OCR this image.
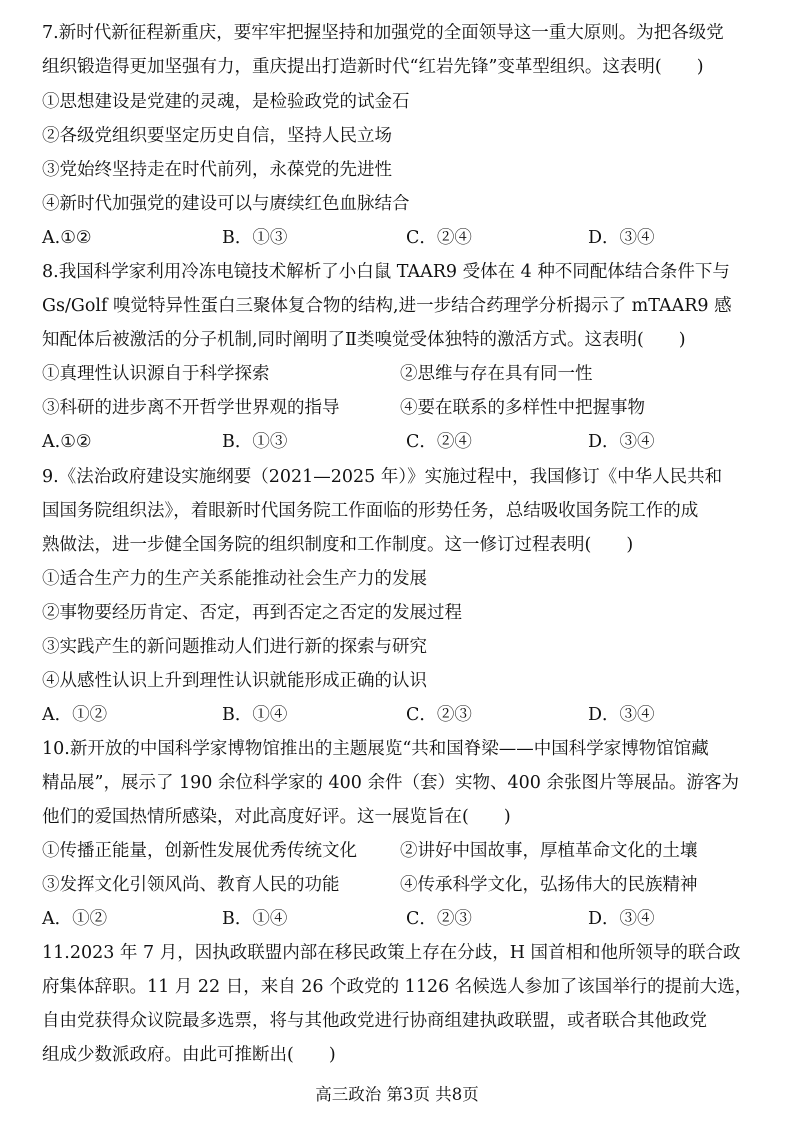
7.新时代新征程新重庆，要牢牢把握坚持和加强党的全面领导这一重大原则。为把各级党
组织锻造得更加坚强有力，重庆提出打造新时代“红岩先锋”变革型组织。这表明(　　)
①思想建设是党建的灵魂，是检验政党的试金石
②各级党组织要坚定历史自信，坚持人民立场
③党始终坚持走在时代前列，永葆党的先进性
④新时代加强党的建设可以与赓续红色血脉结合
A.①②	B．①③	C．②④	D．③④
8.我国科学家利用冷冻电镜技术解析了小白鼠 TAAR9 受体在 4 种不同配体结合条件下与
Gs/Golf 嗅觉特异性蛋白三聚体复合物的结构,进一步结合药理学分析揭示了 mTAAR9 感
知配体后被激活的分子机制,同时阐明了Ⅱ类嗅觉受体独特的激活方式。这表明(　　)
①真理性认识源自于科学探索	②思维与存在具有同一性
③科研的进步离不开哲学世界观的指导	④要在联系的多样性中把握事物
A.①②	B．①③	C．②④	D．③④
9.《法治政府建设实施纲要（2021—2025 年）》实施过程中，我国修订《中华人民共和
国国务院组织法》，着眼新时代国务院工作面临的形势任务，总结吸收国务院工作的成
熟做法，进一步健全国务院的组织制度和工作制度。这一修订过程表明(　　)
①适合生产力的生产关系能推动社会生产力的发展
②事物要经历肯定、否定，再到否定之否定的发展过程
③实践产生的新问题推动人们进行新的探索与研究
④从感性认识上升到理性认识就能形成正确的认识
A．①②	B．①④	C．②③	D．③④
10.新开放的中国科学家博物馆推出的主题展览“共和国脊梁——中国科学家博物馆馆藏
精品展”，展示了 190 余位科学家的 400 余件（套）实物、400 余张图片等展品。游客为
他们的爱国热情所感染，对此高度好评。这一展览旨在(　　)
①传播正能量，创新性发展优秀传统文化 ②讲好中国故事，厚植革命文化的土壤
③发挥文化引领风尚、教育人民的功能	④传承科学文化，弘扬伟大的民族精神
A．①②	B．①④	C．②③	D．③④
11.2023 年 7 月，因执政联盟内部在移民政策上存在分歧，H 国首相和他所领导的联合政
府集体辞职。11 月 22 日，来自 26 个政党的 1126 名候选人参加了该国举行的提前大选，
自由党获得众议院最多选票，将与其他政党进行协商组建执政联盟，或者联合其他政党
组成少数派政府。由此可推断出(　　)
高三政治 第3页 共8页
